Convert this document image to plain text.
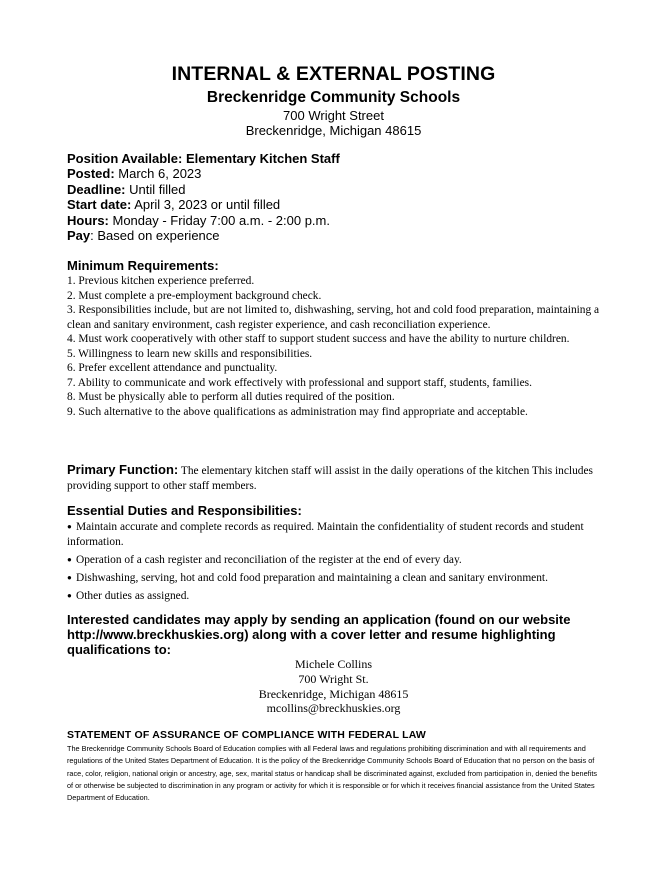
INTERNAL & EXTERNAL POSTING
Breckenridge Community Schools
700 Wright Street
Breckenridge, Michigan 48615
Position Available: Elementary Kitchen Staff
Posted: March 6, 2023
Deadline: Until filled
Start date: April 3, 2023 or until filled
Hours: Monday - Friday 7:00 a.m. - 2:00 p.m.
Pay: Based on experience
Minimum Requirements:
1. Previous kitchen experience preferred.
2. Must complete a pre-employment background check.
3. Responsibilities include, but are not limited to, dishwashing, serving, hot and cold food preparation, maintaining a clean and sanitary environment, cash register experience, and cash reconciliation experience.
4. Must work cooperatively with other staff to support student success and have the ability to nurture children.
5. Willingness to learn new skills and responsibilities.
6. Prefer excellent attendance and punctuality.
7. Ability to communicate and work effectively with professional and support staff, students, families.
8. Must be physically able to perform all duties required of the position.
9. Such alternative to the above qualifications as administration may find appropriate and acceptable.
Primary Function: The elementary kitchen staff will assist in the daily operations of the kitchen This includes providing support to other staff members.
Essential Duties and Responsibilities:
● Maintain accurate and complete records as required. Maintain the confidentiality of student records and student information.
● Operation of a cash register and reconciliation of the register at the end of every day.
● Dishwashing, serving, hot and cold food preparation and maintaining a clean and sanitary environment.
● Other duties as assigned.
Interested candidates may apply by sending an application (found on our website http://www.breckhuskies.org) along with a cover letter and resume highlighting qualifications to:
Michele Collins
700 Wright St.
Breckenridge, Michigan 48615
mcollins@breckhuskies.org
STATEMENT OF ASSURANCE OF COMPLIANCE WITH FEDERAL LAW
The Breckenridge Community Schools Board of Education complies with all Federal laws and regulations prohibiting discrimination and with all requirements and regulations of the United States Department of Education. It is the policy of the Breckenridge Community Schools Board of Education that no person on the basis of race, color, religion, national origin or ancestry, age, sex, marital status or handicap shall be discriminated against, excluded from participation in, denied the benefits of or otherwise be subjected to discrimination in any program or activity for which it is responsible or for which it receives financial assistance from the United States Department of Education.
